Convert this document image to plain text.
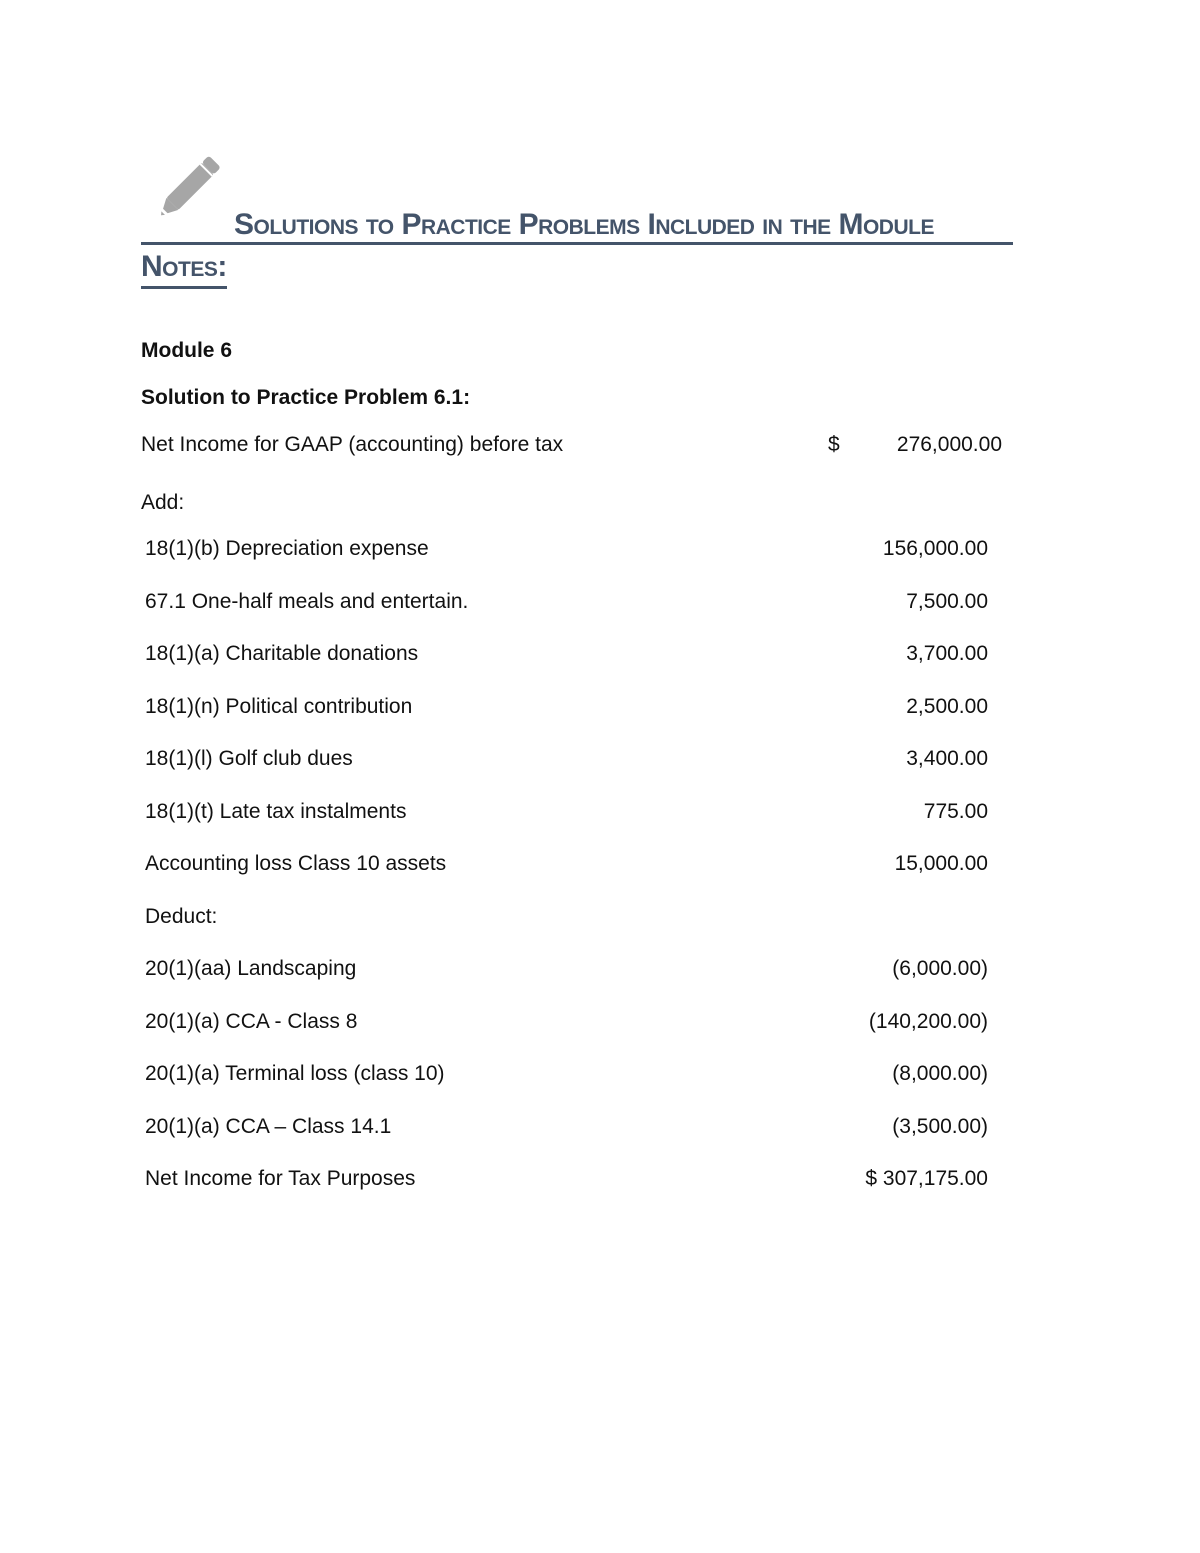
Solutions to Practice Problems Included in the Module
Notes:
Module 6
Solution to Practice Problem 6.1:
Net Income for GAAP (accounting) before tax	$	276,000.00
Add:
18(1)(b) Depreciation expense	156,000.00
67.1 One-half meals and entertain.	7,500.00
18(1)(a) Charitable donations	3,700.00
18(1)(n) Political contribution	2,500.00
18(1)(l) Golf club dues	3,400.00
18(1)(t) Late tax instalments	775.00
Accounting loss Class 10 assets	15,000.00
Deduct:
20(1)(aa) Landscaping	(6,000.00)
20(1)(a) CCA - Class 8	(140,200.00)
20(1)(a) Terminal loss (class 10)	(8,000.00)
20(1)(a) CCA – Class 14.1	(3,500.00)
Net Income for Tax Purposes	$ 307,175.00
